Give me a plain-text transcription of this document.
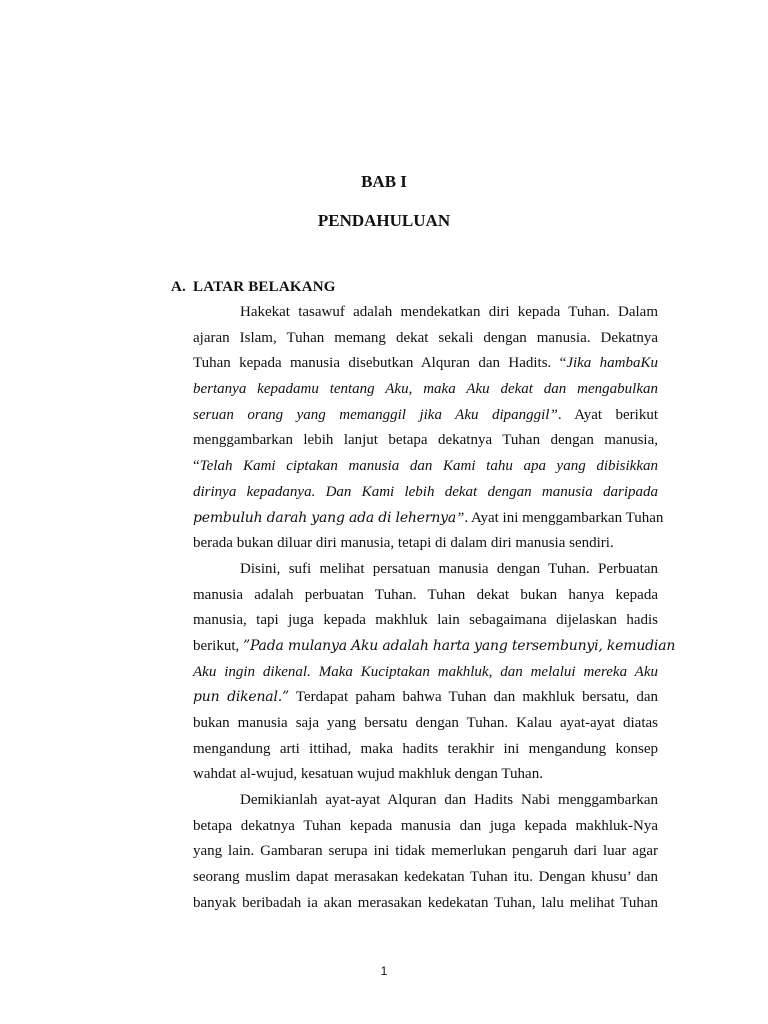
BAB I
PENDAHULUAN
A. LATAR BELAKANG
Hakekat tasawuf adalah mendekatkan diri kepada Tuhan. Dalam
ajaran Islam, Tuhan memang dekat sekali dengan manusia. Dekatnya
Tuhan kepada manusia disebutkan Alquran dan Hadits. “Jika hambaKu
bertanya kepadamu tentang Aku, maka Aku dekat dan mengabulkan
seruan orang yang memanggil jika Aku dipanggil”. Ayat berikut
menggambarkan lebih lanjut betapa dekatnya Tuhan dengan manusia,
“Telah Kami ciptakan manusia dan Kami tahu apa yang dibisikkan
dirinya kepadanya. Dan Kami lebih dekat dengan manusia daripada
pembuluh darah yang ada di lehernya”. Ayat ini menggambarkan Tuhan
berada bukan diluar diri manusia, tetapi di dalam diri manusia sendiri.
Disini, sufi melihat persatuan manusia dengan Tuhan. Perbuatan
manusia adalah perbuatan Tuhan. Tuhan dekat bukan hanya kepada
manusia, tapi juga kepada makhluk lain sebagaimana dijelaskan hadis
berikut, ”Pada mulanya Aku adalah harta yang tersembunyi, kemudian
Aku ingin dikenal. Maka Kuciptakan makhluk, dan melalui mereka Aku
pun dikenal.” Terdapat paham bahwa Tuhan dan makhluk bersatu, dan
bukan manusia saja yang bersatu dengan Tuhan. Kalau ayat-ayat diatas
mengandung arti ittihad, maka hadits terakhir ini mengandung konsep
wahdat al-wujud, kesatuan wujud makhluk dengan Tuhan.
Demikianlah ayat-ayat Alquran dan Hadits Nabi menggambarkan
betapa dekatnya Tuhan kepada manusia dan juga kepada makhluk-Nya
yang lain. Gambaran serupa ini tidak memerlukan pengaruh dari luar agar
seorang muslim dapat merasakan kedekatan Tuhan itu. Dengan khusu’ dan
banyak beribadah ia akan merasakan kedekatan Tuhan, lalu melihat Tuhan
1
